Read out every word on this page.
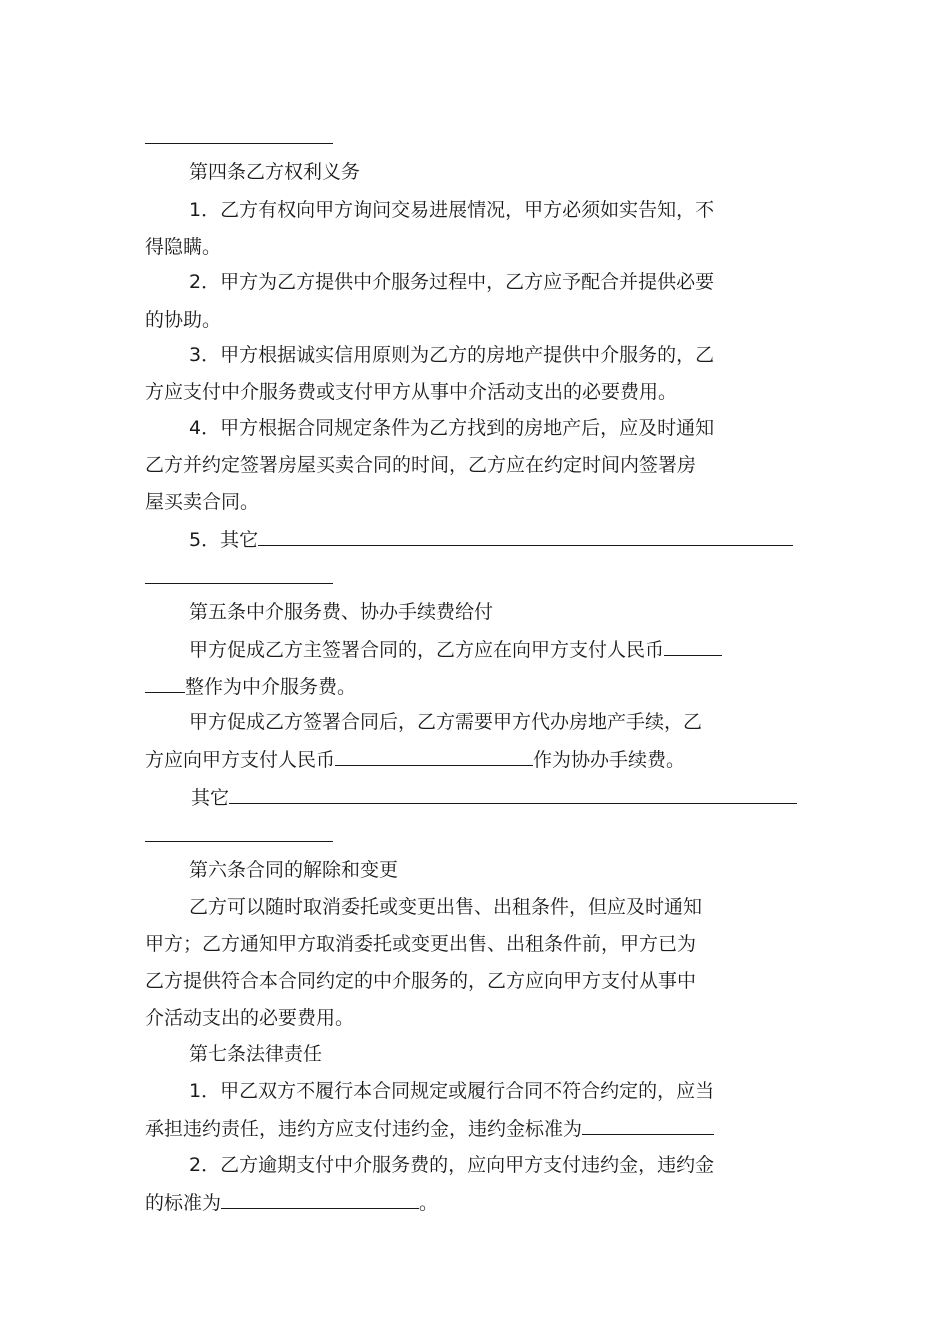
第四条乙方权利义务
1．乙方有权向甲方询问交易进展情况，甲方必须如实告知，不
得隐瞒。
2．甲方为乙方提供中介服务过程中，乙方应予配合并提供必要
的协助。
3．甲方根据诚实信用原则为乙方的房地产提供中介服务的，乙
方应支付中介服务费或支付甲方从事中介活动支出的必要费用。
4．甲方根据合同规定条件为乙方找到的房地产后，应及时通知
乙方并约定签署房屋买卖合同的时间，乙方应在约定时间内签署房
屋买卖合同。
5．其它
第五条中介服务费、协办手续费给付
甲方促成乙方主签署合同的，乙方应在向甲方支付人民币
整作为中介服务费。
甲方促成乙方签署合同后，乙方需要甲方代办房地产手续，乙
方应向甲方支付人民币	作为协办手续费。
其它
第六条合同的解除和变更
乙方可以随时取消委托或变更出售、出租条件，但应及时通知
甲方；乙方通知甲方取消委托或变更出售、出租条件前，甲方已为
乙方提供符合本合同约定的中介服务的，乙方应向甲方支付从事中
介活动支出的必要费用。
第七条法律责任
1．甲乙双方不履行本合同规定或履行合同不符合约定的，应当
承担违约责任，违约方应支付违约金，违约金标准为
2．乙方逾期支付中介服务费的，应向甲方支付违约金，违约金
的标准为	。
